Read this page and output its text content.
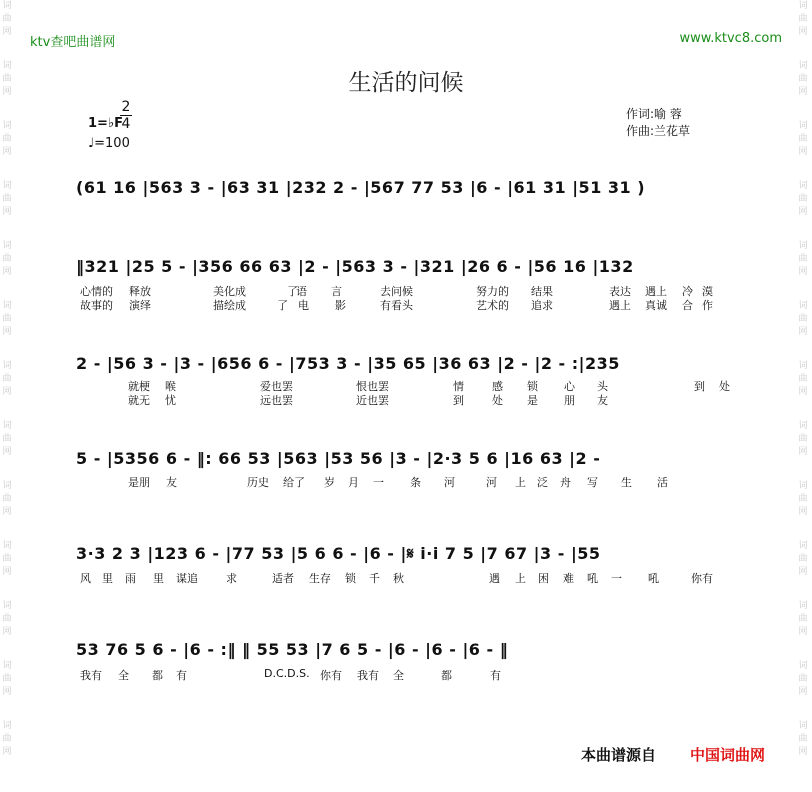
词曲网
词曲网
词曲网
词曲网
词曲网
词曲网
词曲网
词曲网
词曲网
词曲网
词曲网
词曲网
词曲网
词曲网
词曲网
词曲网
词曲网
词曲网
词曲网
词曲网
词曲网
词曲网
词曲网
词曲网
词曲网
词曲网
ktv查吧曲谱网	www.ktvc8.com
生活的问候
1=♭F
2
4
♩=100
作词:喻 蓉
作曲:兰花草
(61 16 |563 3 - |63 31 |232 2 - |567 77 53 |6 - |61 31 |51 31 )
‖321 |25 5 - |356 66 63 |2 - |563 3 - |321 |26 6 - |56 16 |132
2 - |56 3 - |3 - |656 6 - |753 3 - |35 65 |36 63 |2 - |2 - :|235
5 - |5356 6 - ‖: 66 53 |563 |53 56 |3 - |2·3 5 6 |16 63 |2 -
3·3 2 3 |123 6 - |77 53 |5 6 6 - |6 - |𝄋 i·i 7 5 |7 67 |3 - |55
53 76 5 6 - |6 - :‖ ‖ 55 53 |7 6 5 - |6 - |6 - |6 - ‖
心情的 释放	美化成	了
语 言	去问候	努力的 结果	表达 遇上 冷 漠
故事的 演绎	描绘成	了 电 影	有看头	艺术的 追求	遇上 真诚 合 作
就梗 喉	爱也罢	恨也罢	情	感 锁 心 头	到 处
就无 忧	远也罢	近也罢	到	处 是 朋 友
是朋 友	历史 给了 岁 月 一 条 河	河 上 泛 舟 写 生 活
风 里 雨 里 谋追	求	适者 生存 锁 千 秋	遇 上 困 难 吼 一 吼	你有
我有 全 都 有	D.C.D.S. 你有 我有 全	都	有
本曲谱源自 中国词曲网
